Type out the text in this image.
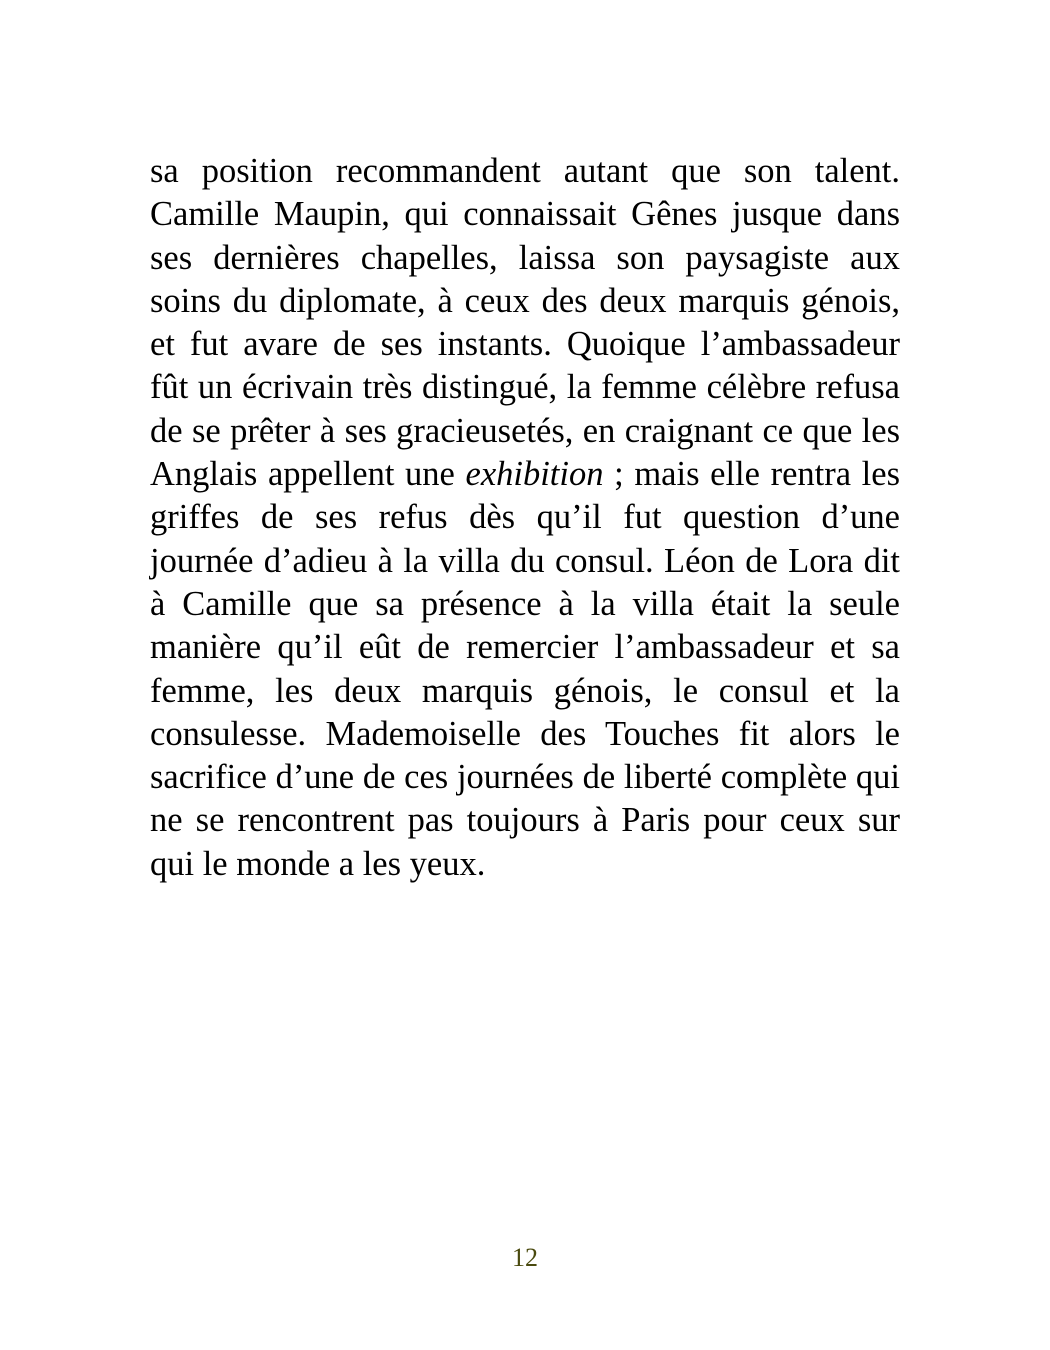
sa position recommandent autant que son talent. Camille Maupin, qui connaissait Gênes jusque dans ses dernières chapelles, laissa son paysagiste aux soins du diplomate, à ceux des deux marquis génois, et fut avare de ses instants. Quoique l’ambassadeur fût un écrivain très distingué, la femme célèbre refusa de se prêter à ses gracieusetés, en craignant ce que les Anglais appellent une exhibition ; mais elle rentra les griffes de ses refus dès qu’il fut question d’une journée d’adieu à la villa du consul. Léon de Lora dit à Camille que sa présence à la villa était la seule manière qu’il eût de remercier l’ambassadeur et sa femme, les deux marquis génois, le consul et la consulesse. Mademoiselle des Touches fit alors le sacrifice d’une de ces journées de liberté complète qui ne se rencontrent pas toujours à Paris pour ceux sur qui le monde a les yeux.

12
